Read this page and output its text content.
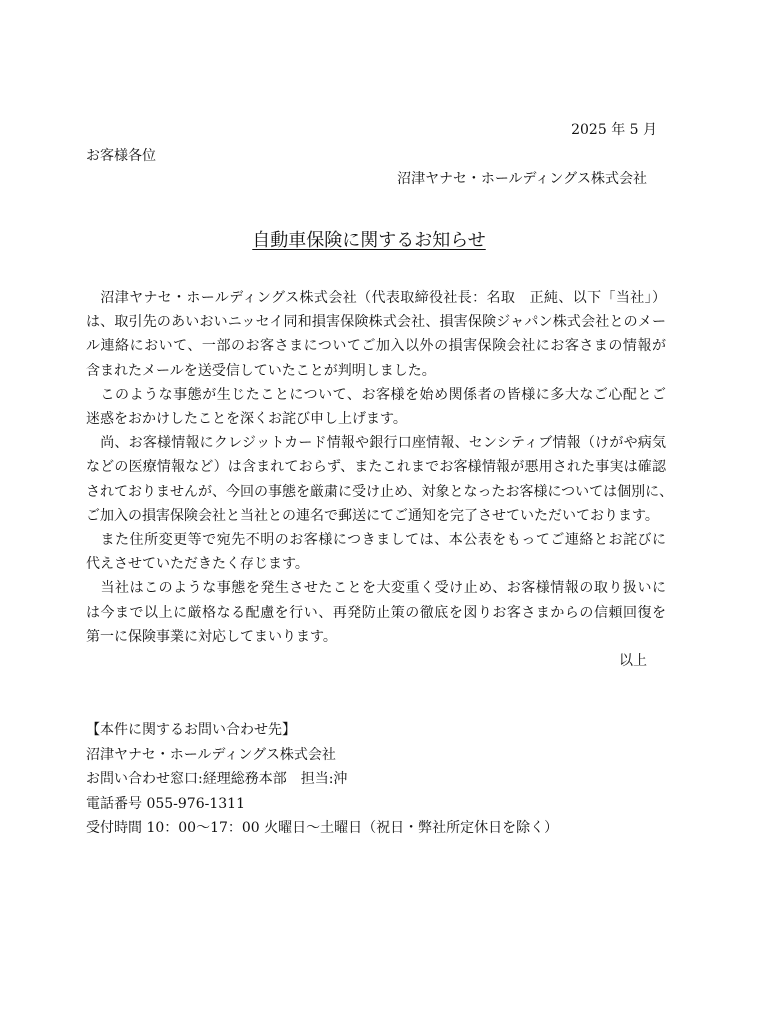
2025 年 5 月
お客様各位
沼津ヤナセ・ホールディングス株式会社
自動車保険に関するお知らせ

　沼津ヤナセ・ホールディングス株式会社（代表取締役社長：名取　正純、以下「当社」）
は、取引先のあいおいニッセイ同和損害保険株式会社、損害保険ジャパン株式会社とのメー
ル連絡において、一部のお客さまについてご加入以外の損害保険会社にお客さまの情報が
含まれたメールを送受信していたことが判明しました。

　このような事態が生じたことについて、お客様を始め関係者の皆様に多大なご心配とご
迷惑をおかけしたことを深くお詫び申し上げます。

　尚、お客様情報にクレジットカード情報や銀行口座情報、センシティブ情報（けがや病気
などの医療情報など）は含まれておらず、またこれまでお客様情報が悪用された事実は確認
されておりませんが、今回の事態を厳粛に受け止め、対象となったお客様については個別に、
ご加入の損害保険会社と当社との連名で郵送にてご通知を完了させていただいております。

　また住所変更等で宛先不明のお客様につきましては、本公表をもってご連絡とお詫びに
代えさせていただきたく存じます。

　当社はこのような事態を発生させたことを大変重く受け止め、お客様情報の取り扱いに
は今まで以上に厳格なる配慮を行い、再発防止策の徹底を図りお客さまからの信頼回復を
第一に保険事業に対応してまいります。

以上
【本件に関するお問い合わせ先】
沼津ヤナセ・ホールディングス株式会社
お問い合わせ窓口:経理総務本部　担当:沖
電話番号 055-976-1311
受付時間 10：00～17：00 火曜日～土曜日（祝日・弊社所定休日を除く）
